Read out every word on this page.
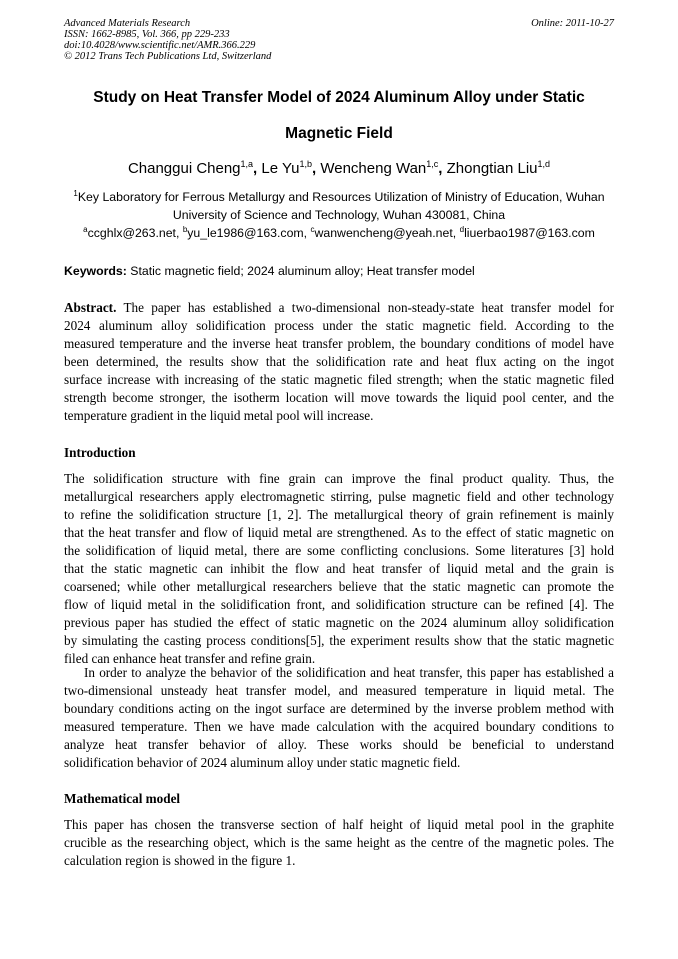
Advanced Materials Research
ISSN: 1662-8985, Vol. 366, pp 229-233
doi:10.4028/www.scientific.net/AMR.366.229
© 2012 Trans Tech Publications Ltd, Switzerland
Online: 2011-10-27
Study on Heat Transfer Model of 2024 Aluminum Alloy under Static
Magnetic Field
Changgui Cheng$^{1,a}$, Le Yu$^{1,b}$, Wencheng Wan$^{1,c}$, Zhongtian Liu$^{1,d}$
$^1$Key Laboratory for Ferrous Metallurgy and Resources Utilization of Ministry of Education, Wuhan
University of Science and Technology, Wuhan 430081, China
$^a$ccghlx@263.net, $^b$yu_le1986@163.com, $^c$wanwencheng@yeah.net, $^d$liuerbao1987@163.com
Keywords: Static magnetic field; 2024 aluminum alloy; Heat transfer model
Abstract. The paper has established a two-dimensional non-steady-state heat transfer model for
2024 aluminum alloy solidification process under the static magnetic field. According to the
measured temperature and the inverse heat transfer problem, the boundary conditions of model have
been determined, the results show that the solidification rate and heat flux acting on the ingot
surface increase with increasing of the static magnetic filed strength; when the static magnetic filed
strength become stronger, the isotherm location will move towards the liquid pool center, and the
temperature gradient in the liquid metal pool will increase.
Introduction
The solidification structure with fine grain can improve the final product quality. Thus, the
metallurgical researchers apply electromagnetic stirring, pulse magnetic field and other technology
to refine the solidification structure [1, 2]. The metallurgical theory of grain refinement is mainly
that the heat transfer and flow of liquid metal are strengthened. As to the effect of static magnetic on
the solidification of liquid metal, there are some conflicting conclusions. Some literatures [3] hold
that the static magnetic can inhibit the flow and heat transfer of liquid metal and the grain is
coarsened; while other metallurgical researchers believe that the static magnetic can promote the
flow of liquid metal in the solidification front, and solidification structure can be refined [4]. The
previous paper has studied the effect of static magnetic on the 2024 aluminum alloy solidification
by simulating the casting process conditions[5], the experiment results show that the static magnetic
filed can enhance heat transfer and refine grain.
In order to analyze the behavior of the solidification and heat transfer, this paper has established a
two-dimensional unsteady heat transfer model, and measured temperature in liquid metal. The
boundary conditions acting on the ingot surface are determined by the inverse problem method with
measured temperature. Then we have made calculation with the acquired boundary conditions to
analyze heat transfer behavior of alloy. These works should be beneficial to understand
solidification behavior of 2024 aluminum alloy under static magnetic field.
Mathematical model
This paper has chosen the transverse section of half height of liquid metal pool in the graphite
crucible as the researching object, which is the same height as the centre of the magnetic poles. The
calculation region is showed in the figure 1.
